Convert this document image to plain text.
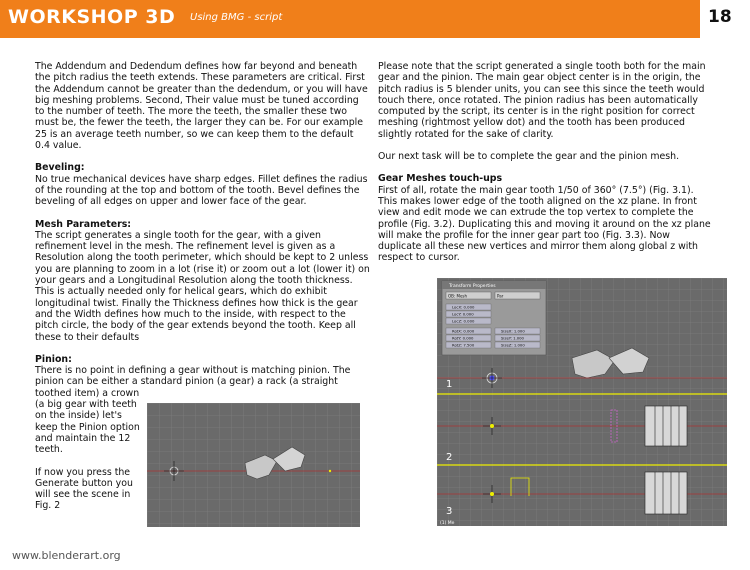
WORKSHOP 3D Using BMG - script	18

The Addendum and Dedendum defines how far beyond and beneath the pitch radius the teeth extends. These parameters are critical. First the Addendum cannot be greater than the dedendum, or you will have big meshing problems. Second, Their value must be tuned according to the number of teeth. The more the teeth, the smaller these two must be, the fewer the teeth, the larger they can be. For our example 25 is an average teeth number, so we can keep them to the default 0.4 value.

Beveling:

No true mechanical devices have sharp edges. Fillet defines the radius of the rounding at the top and bottom of the tooth. Bevel defines the beveling of all edges on upper and lower face of the gear.

Mesh Parameters:

The script generates a single tooth for the gear, with a given refinement level in the mesh. The refinement level is given as a Resolution along the tooth perimeter, which should be kept to 2 unless you are planning to zoom in a lot (rise it) or zoom out a lot (lower it) on your gears and a Longitudinal Resolution along the tooth thickness. This is actually needed only for helical gears, which do exhibit longitudinal twist. Finally the Thickness defines how thick is the gear and the Width defines how much to the inside, with respect to the pitch circle, the body of the gear extends beyond the tooth. Keep all these to their defaults

Pinion:

There is no point in defining a gear without is matching pinion. The pinion can be either a standard pinion (a gear) a rack (a straight

toothed item) a crown (a big gear with teeth on the inside) let's keep the Pinion option and maintain the 12 teeth.

If now you press the Generate button you will see the scene in Fig. 2

Please note that the script generated a single tooth both for the main gear and the pinion. The main gear object center is in the origin, the pitch radius is 5 blender units, you can see this since the teeth would touch there, once rotated. The pinion radius has been automatically computed by the script, its center is in the right position for correct meshing (rightmost yellow dot) and the tooth has been produced slightly rotated for the sake of clarity.

Our next task will be to complete the gear and the pinion mesh.

Gear Meshes touch-ups

First of all, rotate the main gear tooth 1/50 of 360° (7.5°) (Fig. 3.1). This makes lower edge of the tooth aligned on the xz plane. In front view and edit mode we can extrude the top vertex to complete the profile (Fig. 3.2). Duplicating this and moving it around on the xz plane will make the profile for the inner gear part too (Fig. 3.3). Now duplicate all these new vertices and mirror them along global z with respect to cursor.

Transform Properties
OB: Mesh	Par
LocX: 0.000
LocY: 0.000
LocZ: 0.000
RotX: 0.000
RotY: 0.000
RotZ: 7.500
SizeX: 1.000
SizeY: 1.000
SizeZ: 1.000
1
2
3
(1) Me
www.blenderart.org
